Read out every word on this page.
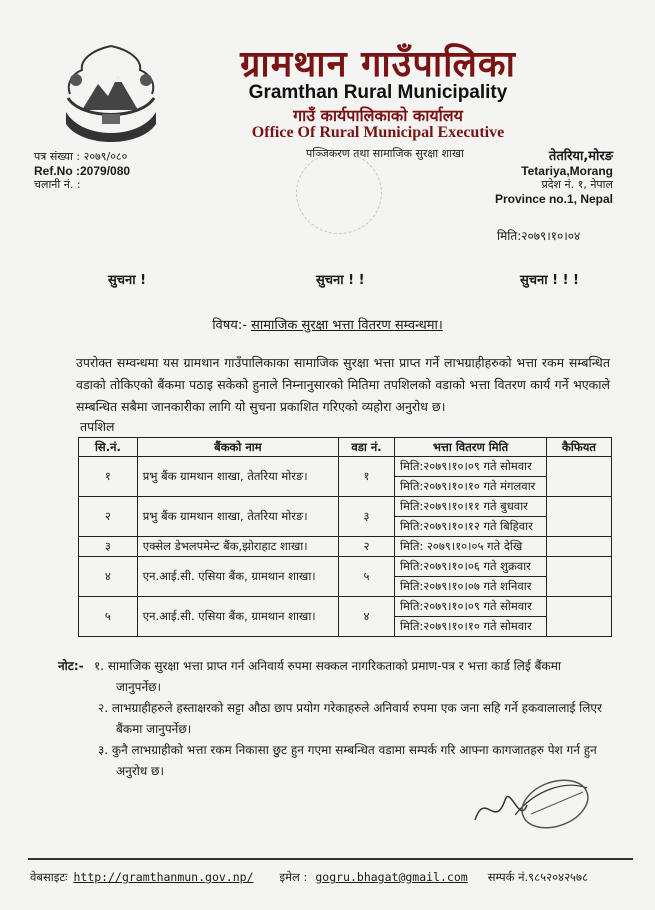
ग्रामथान गाउँपालिका
Gramthan Rural Municipality
गाउँ कार्यपालिकाको कार्यालय
Office Of Rural Municipal Executive
पञ्जिकरण तथा सामाजिक सुरक्षा शाखा
पत्र संख्या : २०७९/०८०
Ref.No :2079/080
चलानी नं. :
तेतरिया,मोरङ
Tetariya,Morang
प्रदेश नं. १, नेपाल
Province no.1, Nepal
मिति:२०७९।१०।०४
सुचना !	सुचना ! !	सुचना ! ! !
विषय:- सामाजिक सुरक्षा भत्ता वितरण सम्वन्धमा।
उपरोक्त सम्वन्धमा यस ग्रामथान गाउँपालिकाका सामाजिक सुरक्षा भत्ता प्राप्त गर्ने लाभग्राहीहरुको भत्ता रकम सम्बन्धित वडाको तोकिएको बैंकमा पठाइ सकेको हुनाले निम्नानुसारको मितिमा तपशिलको वडाको भत्ता वितरण कार्य गर्ने भएकाले सम्बन्धित सबैमा जानकारीका लागि यो सुचना प्रकाशित गरिएको व्यहोरा अनुरोध छ।
तपशिल
सि.नं.	बैंकको नाम	वडा नं.	भत्ता वितरण मिति	कैफियत
१	प्रभु बैंक ग्रामथान शाखा, तेतरिया मोरङ।	१	मिति:२०७९।१०।०९ गते सोमवार	
			मिति:२०७९।१०।१० गते मंगलवार	
२	प्रभु बैंक ग्रामथान शाखा, तेतरिया मोरङ।	३	मिति:२०७९।१०।११ गते बुधवार	
			मिति:२०७९।१०।१२ गते बिहिवार	
३	एक्सेल डेभलपमेन्ट बैंक,झोराहाट शाखा।	२	मिति: २०७९।१०।०५ गते देखि	
४	एन.आई.सी. एसिया बैंक, ग्रामथान शाखा।	५	मिति:२०७९।१०।०६ गते शुक्रवार	
			मिति:२०७९।१०।०७ गते शनिवार	
५	एन.आई.सी. एसिया बैंक, ग्रामथान शाखा।	४	मिति:२०७९।१०।०९ गते सोमवार	
			मिति:२०७९।१०।१० गते सोमवार	
नोट:- १. सामाजिक सुरक्षा भत्ता प्राप्त गर्न अनिवार्य रुपमा सक्कल नागरिकताको प्रमाण-पत्र र भत्ता कार्ड लिई बैंकमा
जानुपर्नेछ।
२. लाभग्राहीहरुले हस्ताक्षरको सट्टा औठा छाप प्रयोग गरेकाहरुले अनिवार्य रुपमा एक जना सहि गर्ने हकवालालाई लिएर
बैंकमा जानुपर्नेछ।
३. कुनै लाभग्राहीको भत्ता रकम निकासा छुट हुन गएमा सम्बन्धित वडामा सम्पर्क गरि आफ्ना कागजातहरु पेश गर्न हुन
अनुरोध छ।
वेबसाइटः http://gramthanmun.gov.np/ इमेल : gogru.bhagat@gmail.com सम्पर्क नं.९८५२०४२५७८
